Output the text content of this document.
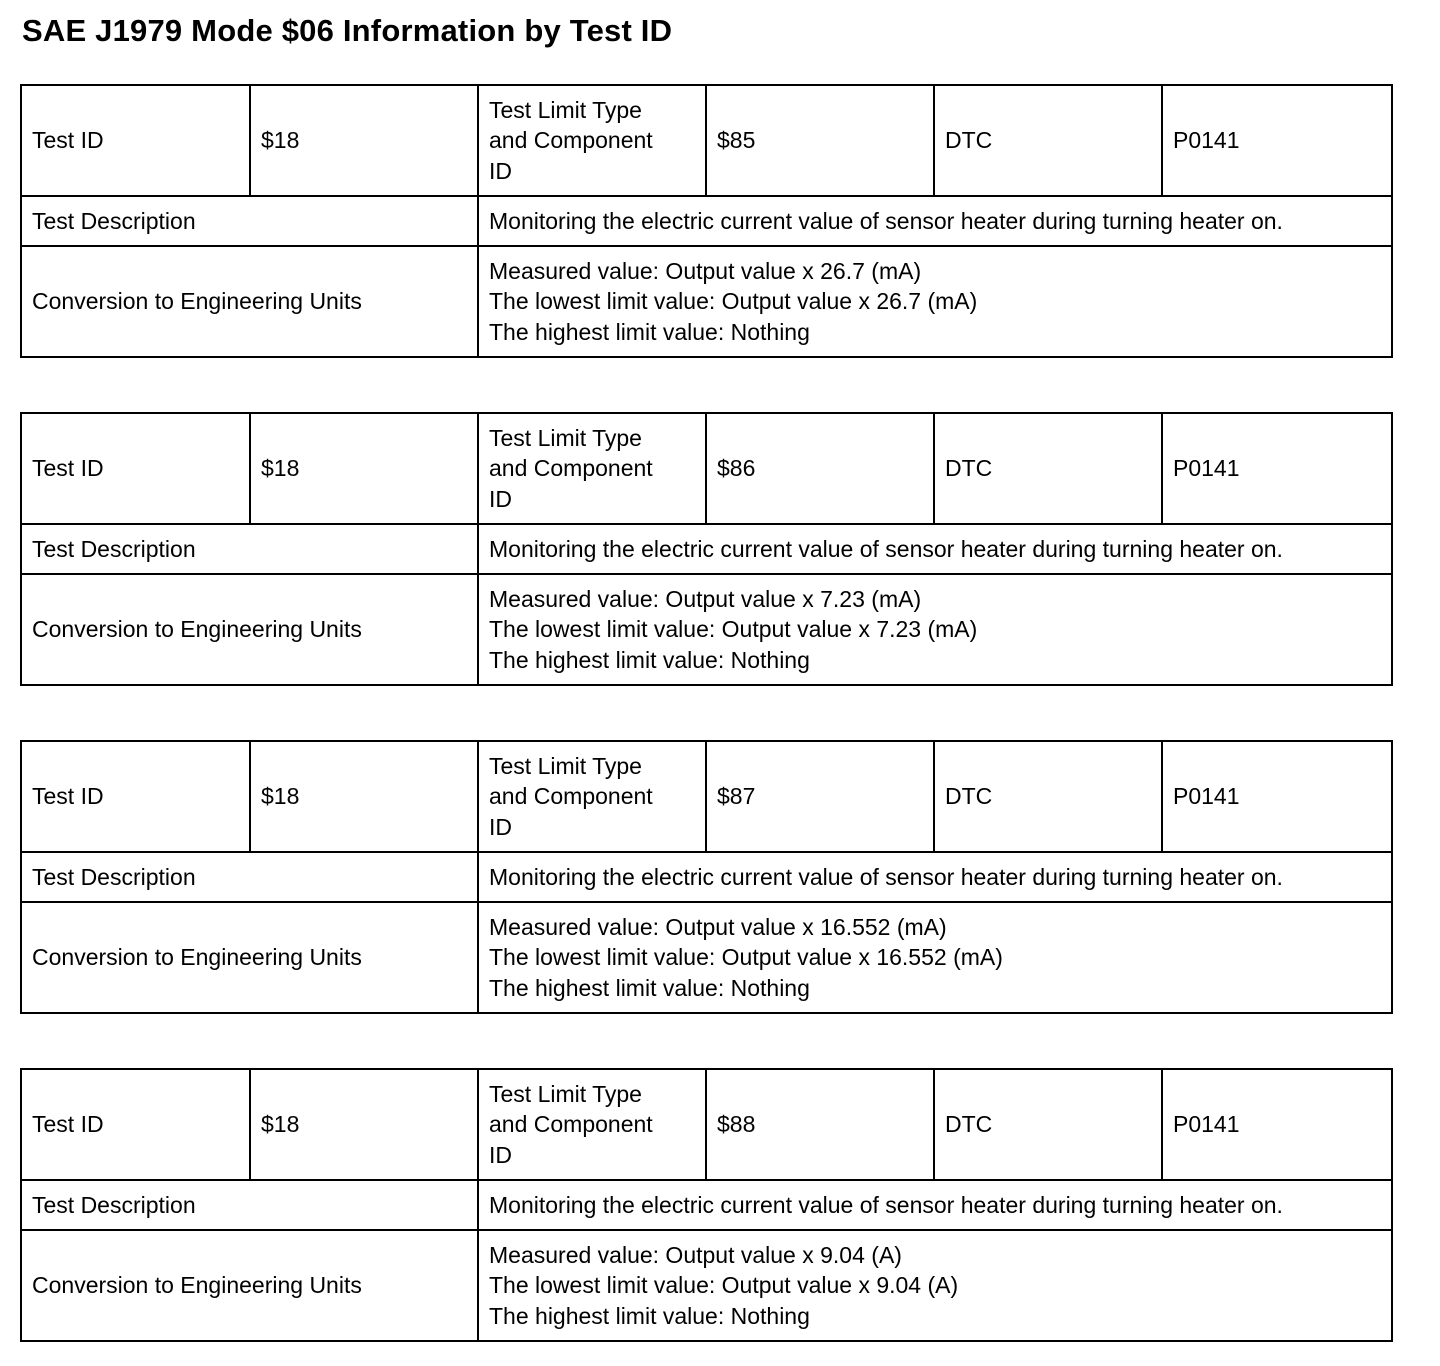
SAE J1979 Mode $06 Information by Test ID
Test ID	$18	Test Limit Type
and Component
ID	$85	DTC	P0141
Test Description		Monitoring the electric current value of sensor heater during turning heater on.			
Conversion to Engineering Units		Measured value: Output value x 26.7 (mA)
The lowest limit value: Output value x 26.7 (mA)
The highest limit value: Nothing			
Test ID	$18	Test Limit Type
and Component
ID	$86	DTC	P0141
Test Description		Monitoring the electric current value of sensor heater during turning heater on.			
Conversion to Engineering Units		Measured value: Output value x 7.23 (mA)
The lowest limit value: Output value x 7.23 (mA)
The highest limit value: Nothing			
Test ID	$18	Test Limit Type
and Component
ID	$87	DTC	P0141
Test Description		Monitoring the electric current value of sensor heater during turning heater on.			
Conversion to Engineering Units		Measured value: Output value x 16.552 (mA)
The lowest limit value: Output value x 16.552 (mA)
The highest limit value: Nothing			
Test ID	$18	Test Limit Type
and Component
ID	$88	DTC	P0141
Test Description		Monitoring the electric current value of sensor heater during turning heater on.			
Conversion to Engineering Units		Measured value: Output value x 9.04 (A)
The lowest limit value: Output value x 9.04 (A)
The highest limit value: Nothing			
